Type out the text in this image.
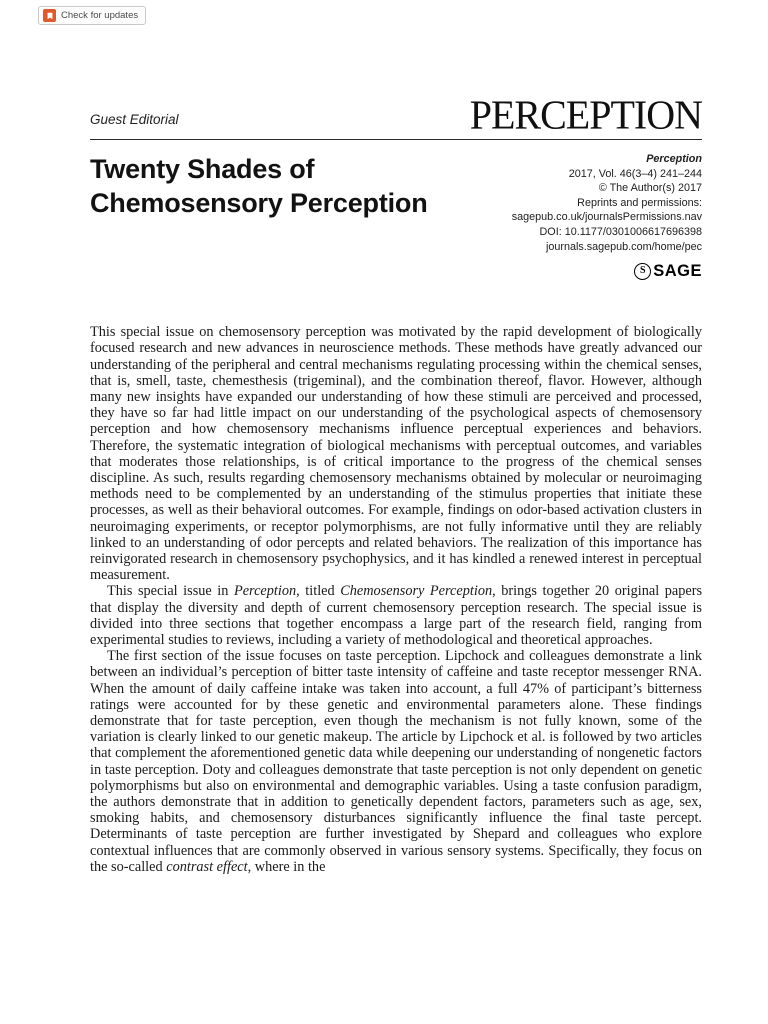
Check for updates
Guest Editorial	PERCEPTION
Twenty Shades of
Chemosensory Perception
Perception
2017, Vol. 46(3–4) 241–244
© The Author(s) 2017
Reprints and permissions:
sagepub.co.uk/journalsPermissions.nav
DOI: 10.1177/0301006617696398
journals.sagepub.com/home/pec
S SAGE

This special issue on chemosensory perception was motivated by the rapid development of biologically focused research and new advances in neuroscience methods. These methods have greatly advanced our understanding of the peripheral and central mechanisms regulating processing within the chemical senses, that is, smell, taste, chemesthesis (trigeminal), and the combination thereof, flavor. However, although many new insights have expanded our understanding of how these stimuli are perceived and processed, they have so far had little impact on our understanding of the psychological aspects of chemosensory perception and how chemosensory mechanisms influence perceptual experiences and behaviors. Therefore, the systematic integration of biological mechanisms with perceptual outcomes, and variables that moderates those relationships, is of critical importance to the progress of the chemical senses discipline. As such, results regarding chemosensory mechanisms obtained by molecular or neuroimaging methods need to be complemented by an understanding of the stimulus properties that initiate these processes, as well as their behavioral outcomes. For example, findings on odor-based activation clusters in neuroimaging experiments, or receptor polymorphisms, are not fully informative until they are reliably linked to an understanding of odor percepts and related behaviors. The realization of this importance has reinvigorated research in chemosensory psychophysics, and it has kindled a renewed interest in perceptual measurement.

This special issue in Perception, titled Chemosensory Perception, brings together 20 original papers that display the diversity and depth of current chemosensory perception research. The special issue is divided into three sections that together encompass a large part of the research field, ranging from experimental studies to reviews, including a variety of methodological and theoretical approaches.

The first section of the issue focuses on taste perception. Lipchock and colleagues demonstrate a link between an individual’s perception of bitter taste intensity of caffeine and taste receptor messenger RNA. When the amount of daily caffeine intake was taken into account, a full 47% of participant’s bitterness ratings were accounted for by these genetic and environmental parameters alone. These findings demonstrate that for taste perception, even though the mechanism is not fully known, some of the variation is clearly linked to our genetic makeup. The article by Lipchock et al. is followed by two articles that complement the aforementioned genetic data while deepening our understanding of nongenetic factors in taste perception. Doty and colleagues demonstrate that taste perception is not only dependent on genetic polymorphisms but also on environmental and demographic variables. Using a taste confusion paradigm, the authors demonstrate that in addition to genetically dependent factors, parameters such as age, sex, smoking habits, and chemosensory disturbances significantly influence the final taste percept. Determinants of taste perception are further investigated by Shepard and colleagues who explore contextual influences that are commonly observed in various sensory systems. Specifically, they focus on the so-called contrast effect, where in the
